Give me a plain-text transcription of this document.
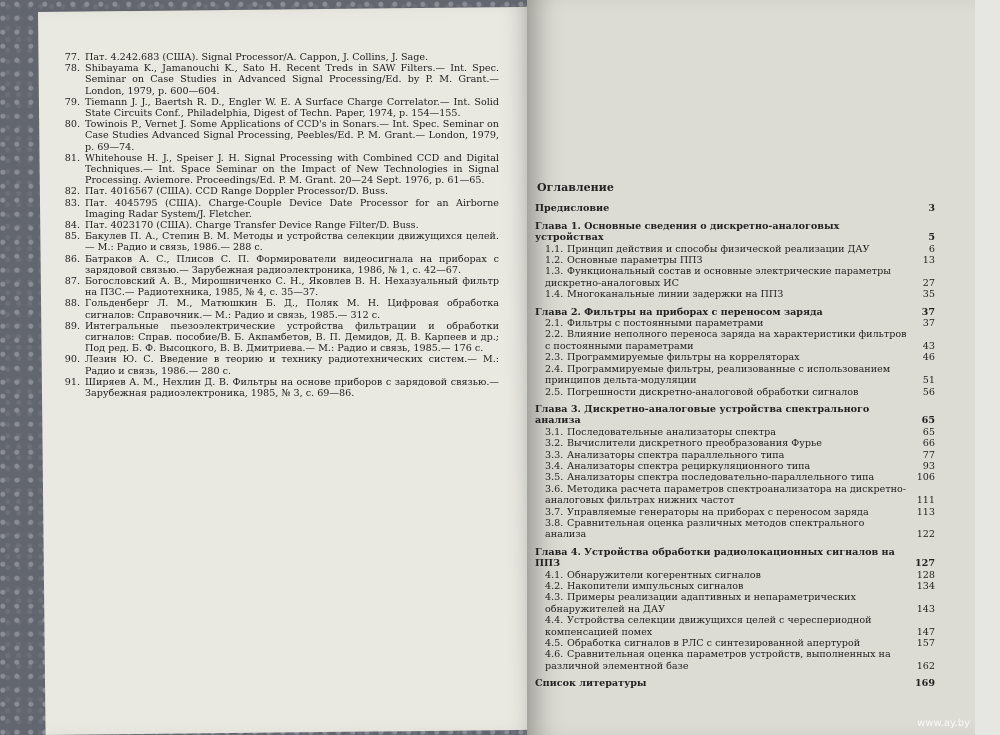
77. Пат. 4.242.683 (США). Signal Processor/A. Cappon, J. Collins, J. Sage.
78. Shibayama K., Jamanouchi K., Sato H. Recent Treds in SAW Filters.— Int. Spec. Seminar on Case Studies in Advanced Signal Processing/Ed. by P. M. Grant.— London, 1979, p. 600—604.
79. Tiemann J. J., Baertsh R. D., Engler W. E. A Surface Charge Correlator.— Int. Solid State Circuits Conf., Philadelphia, Digest of Techn. Paper, 1974, p. 154—155.
80. Towinois P., Vernet J. Some Applications of CCD's in Sonars.— Int. Spec. Seminar on Case Studies Advanced Signal Processing, Peebles/Ed. P. M. Grant.— London, 1979, p. 69—74.
81. Whitehouse H. J., Speiser J. H. Signal Processing with Combined CCD and Digital Techniques.— Int. Space Seminar on the Impact of New Technologies in Signal Processing. Aviemore. Proceedings/Ed. P. M. Grant. 20—24 Sept. 1976, p. 61—65.
82. Пат. 4016567 (США). CCD Range Doppler Processor/D. Buss.
83. Пат. 4045795 (США). Charge-Couple Device Date Processor for an Airborne Imaging Radar System/J. Fletcher.
84. Пат. 4023170 (США). Charge Transfer Device Range Filter/D. Buss.
85. Бакулев П. А., Степин В. М. Методы и устройства селекции движущихся целей.— М.: Радио и связь, 1986.— 288 с.
86. Батраков А. С., Плисов С. П. Формирователи видеосигнала на приборах с зарядовой связью.— Зарубежная радиоэлектроника, 1986, № 1, с. 42—67.
87. Богословский А. В., Мирошниченко С. Н., Яковлев В. Н. Нехазуальный фильтр на ПЗС.— Радиотехника, 1985, № 4, с. 35—37.
88. Гольденберг Л. М., Матюшкин Б. Д., Поляк М. Н. Цифровая обработка сигналов: Справочник.— М.: Радио и связь, 1985.— 312 с.
89. Интегральные пьезоэлектрические устройства фильтрации и обработки сигналов: Справ. пособие/В. Б. Акпамбетов, В. П. Демидов, Д. В. Карпеев и др.; Под ред. Б. Ф. Высоцкого, В. В. Дмитриева.— М.: Радио и связь, 1985.— 176 с.
90. Лезин Ю. С. Введение в теорию и технику радиотехнических систем.— М.: Радио и связь, 1986.— 280 с.
91. Ширяев А. М., Нехлин Д. В. Фильтры на основе приборов с зарядовой связью.— Зарубежная радиоэлектроника, 1985, № 3, с. 69—86.
Оглавление
Предисловие	3
Глава 1. Основные сведения о дискретно-аналоговых устройствах	5
1.1. Принцип действия и способы физической реализации ДАУ	6
1.2. Основные параметры ППЗ	13
1.3. Функциональный состав и основные электрические параметры дискретно-аналоговых ИС	27
1.4. Многоканальные линии задержки на ППЗ	35
Глава 2. Фильтры на приборах с переносом заряда	37
2.1. Фильтры с постоянными параметрами	37
2.2. Влияние неполного переноса заряда на характеристики фильтров с постоянными параметрами	43
2.3. Программируемые фильтры на корреляторах	46
2.4. Программируемые фильтры, реализованные с использованием принципов дельта-модуляции	51
2.5. Погрешности дискретно-аналоговой обработки сигналов	56
Глава 3. Дискретно-аналоговые устройства спектрального анализа	65
3.1. Последовательные анализаторы спектра	65
3.2. Вычислители дискретного преобразования Фурье	66
3.3. Анализаторы спектра параллельного типа	77
3.4. Анализаторы спектра рециркуляционного типа	93
3.5. Анализаторы спектра последовательно-параллельного типа	106
3.6. Методика расчета параметров спектроанализатора на дискретно-аналоговых фильтрах нижних частот	111
3.7. Управляемые генераторы на приборах с переносом заряда	113
3.8. Сравнительная оценка различных методов спектрального анализа	122
Глава 4. Устройства обработки радиолокационных сигналов на ППЗ	127
4.1. Обнаружители когерентных сигналов	128
4.2. Накопители импульсных сигналов	134
4.3. Примеры реализации адаптивных и непараметрических обнаружителей на ДАУ	143
4.4. Устройства селекции движущихся целей с череспериодной компенсацией помех	147
4.5. Обработка сигналов в РЛС с синтезированной апертурой	157
4.6. Сравнительная оценка параметров устройств, выполненных на различной элементной базе	162
Список литературы	169
www.ay.by
